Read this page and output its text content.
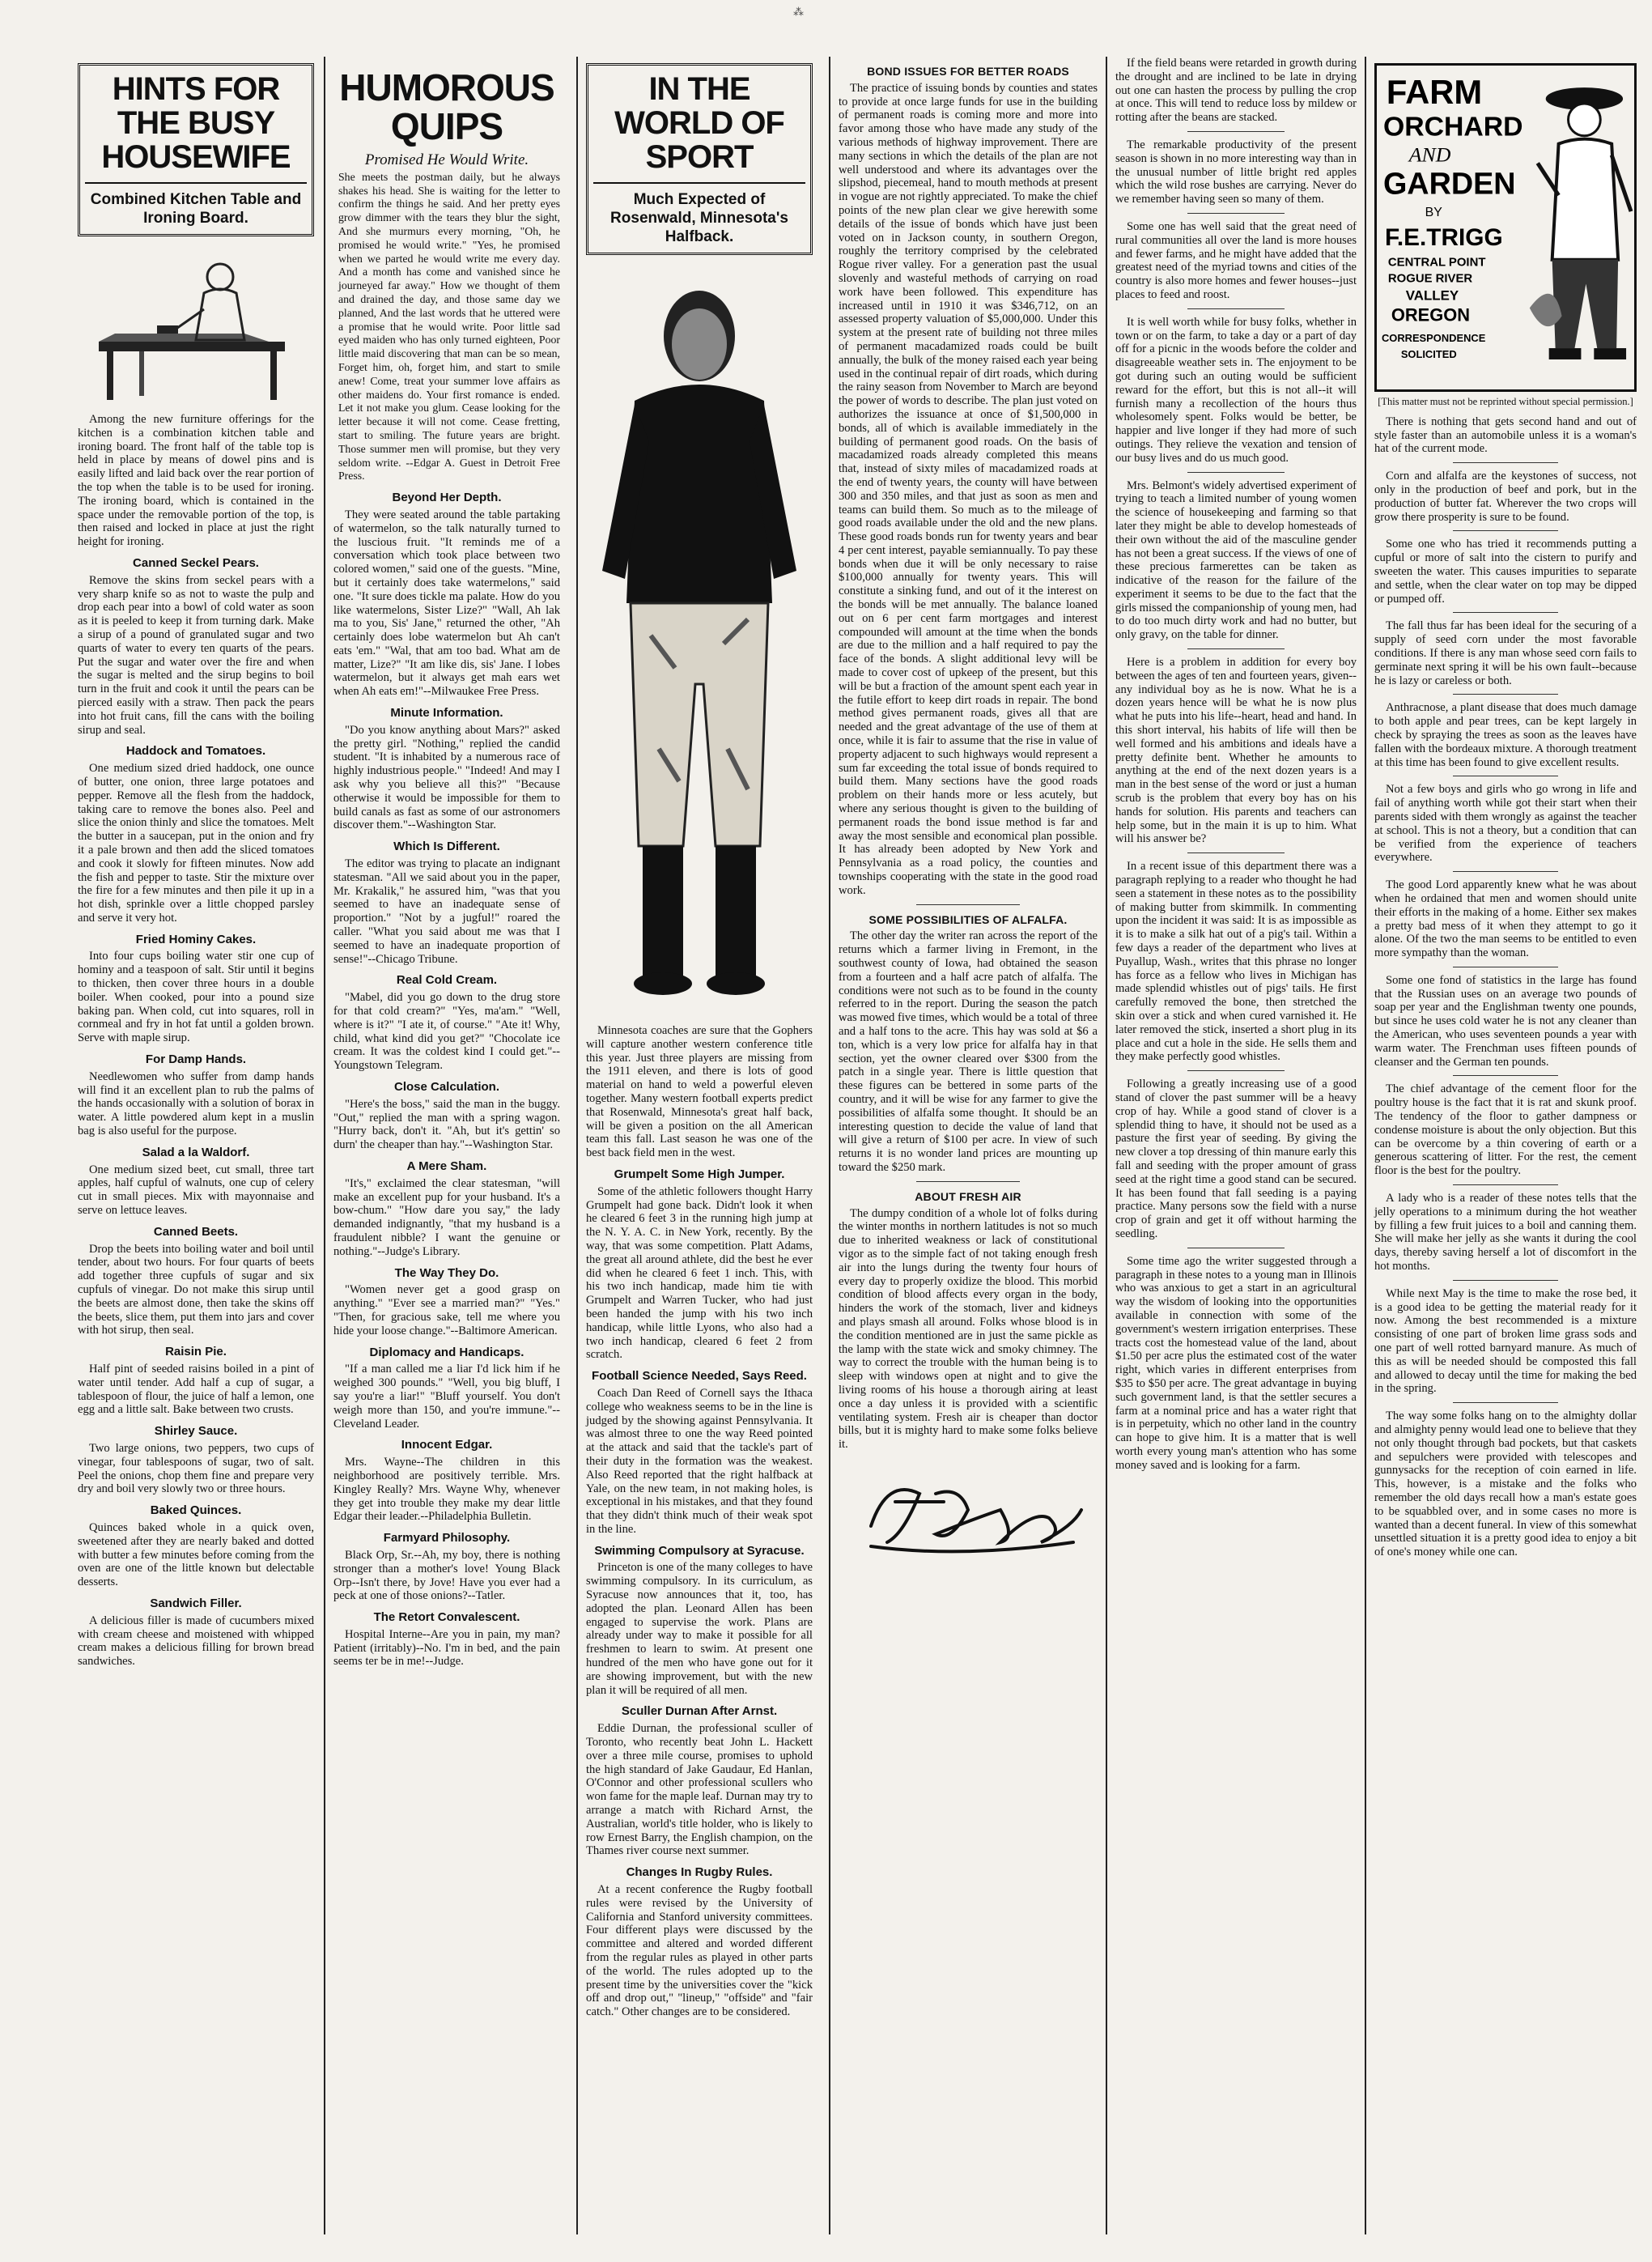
⁂
HINTS FOR THE BUSY HOUSEWIFE
Combined Kitchen Table and Ironing Board.

Among the new furniture offerings for the kitchen is a combination kitchen table and ironing board. The front half of the table top is held in place by means of dowel pins and is easily lifted and laid back over the rear portion of the top when the table is to be used for ironing. The ironing board, which is contained in the space under the removable portion of the top, is then raised and locked in place at just the right height for ironing.

Canned Seckel Pears.

Remove the skins from seckel pears with a very sharp knife so as not to waste the pulp and drop each pear into a bowl of cold water as soon as it is peeled to keep it from turning dark. Make a sirup of a pound of granulated sugar and two quarts of water to every ten quarts of the pears. Put the sugar and water over the fire and when the sugar is melted and the sirup begins to boil turn in the fruit and cook it until the pears can be pierced easily with a straw. Then pack the pears into hot fruit cans, fill the cans with the boiling sirup and seal.

Haddock and Tomatoes.

One medium sized dried haddock, one ounce of butter, one onion, three large potatoes and pepper. Remove all the flesh from the haddock, taking care to remove the bones also. Peel and slice the onion thinly and slice the tomatoes. Melt the butter in a saucepan, put in the onion and fry it a pale brown and then add the sliced tomatoes and cook it slowly for fifteen minutes. Now add the fish and pepper to taste. Stir the mixture over the fire for a few minutes and then pile it up in a hot dish, sprinkle over a little chopped parsley and serve it very hot.

Fried Hominy Cakes.

Into four cups boiling water stir one cup of hominy and a teaspoon of salt. Stir until it begins to thicken, then cover three hours in a double boiler. When cooked, pour into a pound size baking pan. When cold, cut into squares, roll in cornmeal and fry in hot fat until a golden brown. Serve with maple sirup.

For Damp Hands.

Needlewomen who suffer from damp hands will find it an excellent plan to rub the palms of the hands occasionally with a solution of borax in water. A little powdered alum kept in a muslin bag is also useful for the purpose.

Salad a la Waldorf.

One medium sized beet, cut small, three tart apples, half cupful of walnuts, one cup of celery cut in small pieces. Mix with mayonnaise and serve on lettuce leaves.

Canned Beets.

Drop the beets into boiling water and boil until tender, about two hours. For four quarts of beets add together three cupfuls of sugar and six cupfuls of vinegar. Do not make this sirup until the beets are almost done, then take the skins off the beets, slice them, put them into jars and cover with hot sirup, then seal.

Raisin Pie.

Half pint of seeded raisins boiled in a pint of water until tender. Add half a cup of sugar, a tablespoon of flour, the juice of half a lemon, one egg and a little salt. Bake between two crusts.

Shirley Sauce.

Two large onions, two peppers, two cups of vinegar, four tablespoons of sugar, two of salt. Peel the onions, chop them fine and prepare very dry and boil very slowly two or three hours.

Baked Quinces.

Quinces baked whole in a quick oven, sweetened after they are nearly baked and dotted with butter a few minutes before coming from the oven are one of the little known but delectable desserts.

Sandwich Filler.

A delicious filler is made of cucumbers mixed with cream cheese and moistened with whipped cream makes a delicious filling for brown bread sandwiches.

HUMOROUS QUIPS
Promised He Would Write.

She meets the postman daily, but he always shakes his head. She is waiting for the letter to confirm the things he said. And her pretty eyes grow dimmer with the tears they blur the sight, And she murmurs every morning, "Oh, he promised he would write." "Yes, he promised when we parted he would write me every day. And a month has come and vanished since he journeyed far away." How we thought of them and drained the day, and those same day we planned, And the last words that he uttered were a promise that he would write. Poor little sad eyed maiden who has only turned eighteen, Poor little maid discovering that man can be so mean, Forget him, oh, forget him, and start to smile anew! Come, treat your summer love affairs as other maidens do. Your first romance is ended. Let it not make you glum. Cease looking for the letter because it will not come. Cease fretting, start to smiling. The future years are bright. Those summer men will promise, but they very seldom write. --Edgar A. Guest in Detroit Free Press.

Beyond Her Depth.

They were seated around the table partaking of watermelon, so the talk naturally turned to the luscious fruit. "It reminds me of a conversation which took place between two colored women," said one of the guests. "Mine, but it certainly does take watermelons," said one. "It sure does tickle ma palate. How do you like watermelons, Sister Lize?" "Wall, Ah lak ma to you, Sis' Jane," returned the other, "Ah certainly does lobe watermelon but Ah can't eats 'em." "Wal, that am too bad. What am de matter, Lize?" "It am like dis, sis' Jane. I lobes watermelon, but it always get mah ears wet when Ah eats em!"--Milwaukee Free Press.

Minute Information.

"Do you know anything about Mars?" asked the pretty girl. "Nothing," replied the candid student. "It is inhabited by a numerous race of highly industrious people." "Indeed! And may I ask why you believe all this?" "Because otherwise it would be impossible for them to build canals as fast as some of our astronomers discover them."--Washington Star.

Which Is Different.

The editor was trying to placate an indignant statesman. "All we said about you in the paper, Mr. Krakalik," he assured him, "was that you seemed to have an inadequate sense of proportion." "Not by a jugful!" roared the caller. "What you said about me was that I seemed to have an inadequate proportion of sense!"--Chicago Tribune.

Real Cold Cream.

"Mabel, did you go down to the drug store for that cold cream?" "Yes, ma'am." "Well, where is it?" "I ate it, of course." "Ate it! Why, child, what kind did you get?" "Chocolate ice cream. It was the coldest kind I could get."--Youngstown Telegram.

Close Calculation.

"Here's the boss," said the man in the buggy. "Out," replied the man with a spring wagon. "Hurry back, don't it. "Ah, but it's gettin' so durn' the cheaper than hay."--Washington Star.

A Mere Sham.

"It's," exclaimed the clear statesman, "will make an excellent pup for your husband. It's a bow-chum." "How dare you say," the lady demanded indignantly, "that my husband is a fraudulent nibble? I want the genuine or nothing."--Judge's Library.

The Way They Do.

"Women never get a good grasp on anything." "Ever see a married man?" "Yes." "Then, for gracious sake, tell me where you hide your loose change."--Baltimore American.

Diplomacy and Handicaps.

"If a man called me a liar I'd lick him if he weighed 300 pounds." "Well, you big bluff, I say you're a liar!" "Bluff yourself. You don't weigh more than 150, and you're immune."--Cleveland Leader.

Innocent Edgar.

Mrs. Wayne--The children in this neighborhood are positively terrible. Mrs. Kingley Really? Mrs. Wayne Why, whenever they get into trouble they make my dear little Edgar their leader.--Philadelphia Bulletin.

Farmyard Philosophy.

Black Orp, Sr.--Ah, my boy, there is nothing stronger than a mother's love! Young Black Orp--Isn't there, by Jove! Have you ever had a peck at one of those onions?--Tatler.

The Retort Convalescent.

Hospital Interne--Are you in pain, my man? Patient (irritably)--No. I'm in bed, and the pain seems ter be in me!--Judge.

IN THE WORLD OF SPORT
Much Expected of Rosenwald, Minnesota's Halfback.

Minnesota coaches are sure that the Gophers will capture another western conference title this year. Just three players are missing from the 1911 eleven, and there is lots of good material on hand to weld a powerful eleven together. Many western football experts predict that Rosenwald, Minnesota's great half back, will be given a position on the all American team this fall. Last season he was one of the best back field men in the west.

Grumpelt Some High Jumper.

Some of the athletic followers thought Harry Grumpelt had gone back. Didn't look it when he cleared 6 feet 3 in the running high jump at the N. Y. A. C. in New York, recently. By the way, that was some competition. Platt Adams, the great all around athlete, did the best he ever did when he cleared 6 feet 1 inch. This, with his two inch handicap, made him tie with Grumpelt and Warren Tucker, who had just been handed the jump with his two inch handicap, while little Lyons, who also had a two inch handicap, cleared 6 feet 2 from scratch.

Football Science Needed, Says Reed.

Coach Dan Reed of Cornell says the Ithaca college who weakness seems to be in the line is judged by the showing against Pennsylvania. It was almost three to one the way Reed pointed at the attack and said that the tackle's part of their duty in the formation was the weakest. Also Reed reported that the right halfback at Yale, on the new team, in not making holes, is exceptional in his mistakes, and that they found that they didn't think much of their weak spot in the line.

Swimming Compulsory at Syracuse.

Princeton is one of the many colleges to have swimming compulsory. In its curriculum, as Syracuse now announces that it, too, has adopted the plan. Leonard Allen has been engaged to supervise the work. Plans are already under way to make it possible for all freshmen to learn to swim. At present one hundred of the men who have gone out for it are showing improvement, but with the new plan it will be required of all men.

Sculler Durnan After Arnst.

Eddie Durnan, the professional sculler of Toronto, who recently beat John L. Hackett over a three mile course, promises to uphold the high standard of Jake Gaudaur, Ed Hanlan, O'Connor and other professional scullers who won fame for the maple leaf. Durnan may try to arrange a match with Richard Arnst, the Australian, world's title holder, who is likely to row Ernest Barry, the English champion, on the Thames river course next summer.

Changes In Rugby Rules.

At a recent conference the Rugby football rules were revised by the University of California and Stanford university committees. Four different plays were discussed by the committee and altered and worded different from the regular rules as played in other parts of the world. The rules adopted up to the present time by the universities cover the "kick off and drop out," "lineup," "offside" and "fair catch." Other changes are to be considered.

BOND ISSUES FOR BETTER ROADS

The practice of issuing bonds by counties and states to provide at once large funds for use in the building of permanent roads is coming more and more into favor among those who have made any study of the various methods of highway improvement. There are many sections in which the details of the plan are not well understood and where its advantages over the slipshod, piecemeal, hand to mouth methods at present in vogue are not rightly appreciated. To make the chief points of the new plan clear we give herewith some details of the issue of bonds which have just been voted on in Jackson county, in southern Oregon, roughly the territory comprised by the celebrated Rogue river valley. For a generation past the usual slovenly and wasteful methods of carrying on road work have been followed. This expenditure has increased until in 1910 it was $346,712, on an assessed property valuation of $5,000,000. Under this system at the present rate of building not three miles of permanent macadamized roads could be built annually, the bulk of the money raised each year being used in the continual repair of dirt roads, which during the rainy season from November to March are beyond the power of words to describe. The plan just voted on authorizes the issuance at once of $1,500,000 in bonds, all of which is available immediately in the building of permanent good roads. On the basis of macadamized roads already completed this means that, instead of sixty miles of macadamized roads at the end of twenty years, the county will have between 300 and 350 miles, and that just as soon as men and teams can build them. So much as to the mileage of good roads available under the old and the new plans. These good roads bonds run for twenty years and bear 4 per cent interest, payable semiannually. To pay these bonds when due it will be only necessary to raise $100,000 annually for twenty years. This will constitute a sinking fund, and out of it the interest on the bonds will be met annually. The balance loaned out on 6 per cent farm mortgages and interest compounded will amount at the time when the bonds are due to the million and a half required to pay the face of the bonds. A slight additional levy will be made to cover cost of upkeep of the present, but this will be but a fraction of the amount spent each year in the futile effort to keep dirt roads in repair. The bond method gives permanent roads, gives all that are needed and the great advantage of the use of them at once, while it is fair to assume that the rise in value of property adjacent to such highways would represent a sum far exceeding the total issue of bonds required to build them. Many sections have the good roads problem on their hands more or less acutely, but where any serious thought is given to the building of permanent roads the bond issue method is far and away the most sensible and economical plan possible. It has already been adopted by New York and Pennsylvania as a road policy, the counties and townships cooperating with the state in the good road work.

SOME POSSIBILITIES OF ALFALFA.

The other day the writer ran across the report of the returns which a farmer living in Fremont, in the southwest county of Iowa, had obtained the season from a fourteen and a half acre patch of alfalfa. The conditions were not such as to be found in the county referred to in the report. During the season the patch was mowed five times, which would be a total of three and a half tons to the acre. This hay was sold at $6 a ton, which is a very low price for alfalfa hay in that section, yet the owner cleared over $300 from the patch in a single year. There is little question that these figures can be bettered in some parts of the country, and it will be wise for any farmer to give the possibilities of alfalfa some thought. It should be an interesting question to decide the value of land that will give a return of $100 per acre. In view of such returns it is no wonder land prices are mounting up toward the $250 mark.

ABOUT FRESH AIR

The dumpy condition of a whole lot of folks during the winter months in northern latitudes is not so much due to inherited weakness or lack of constitutional vigor as to the simple fact of not taking enough fresh air into the lungs during the twenty four hours of every day to properly oxidize the blood. This morbid condition of blood affects every organ in the body, hinders the work of the stomach, liver and kidneys and plays smash all around. Folks whose blood is in the condition mentioned are in just the same pickle as the lamp with the state wick and smoky chimney. The way to correct the trouble with the human being is to sleep with windows open at night and to give the living rooms of his house a thorough airing at least once a day unless it is provided with a scientific ventilating system. Fresh air is cheaper than doctor bills, but it is mighty hard to make some folks believe it.

If the field beans were retarded in growth during the drought and are inclined to be late in drying out one can hasten the process by pulling the crop at once. This will tend to reduce loss by mildew or rotting after the beans are stacked.

The remarkable productivity of the present season is shown in no more interesting way than in the unusual number of little bright red apples which the wild rose bushes are carrying. Never do we remember having seen so many of them.

Some one has well said that the great need of rural communities all over the land is more houses and fewer farms, and he might have added that the greatest need of the myriad towns and cities of the country is also more homes and fewer houses--just places to feed and roost.

It is well worth while for busy folks, whether in town or on the farm, to take a day or a part of day off for a picnic in the woods before the colder and disagreeable weather sets in. The enjoyment to be got during such an outing would be sufficient reward for the effort, but this is not all--it will furnish many a recollection of the hours thus wholesomely spent. Folks would be better, be happier and live longer if they had more of such outings. They relieve the vexation and tension of our busy lives and do us much good.

Mrs. Belmont's widely advertised experiment of trying to teach a limited number of young women the science of housekeeping and farming so that later they might be able to develop homesteads of their own without the aid of the masculine gender has not been a great success. If the views of one of these precious farmerettes can be taken as indicative of the reason for the failure of the experiment it seems to be due to the fact that the girls missed the companionship of young men, had to do too much dirty work and had no butter, but only gravy, on the table for dinner.

Here is a problem in addition for every boy between the ages of ten and fourteen years, given--any individual boy as he is now. What he is a dozen years hence will be what he is now plus what he puts into his life--heart, head and hand. In this short interval, his habits of life will then be well formed and his ambitions and ideals have a pretty definite bent. Whether he amounts to anything at the end of the next dozen years is a man in the best sense of the word or just a human scrub is the problem that every boy has on his hands for solution. His parents and teachers can help some, but in the main it is up to him. What will his answer be?

In a recent issue of this department there was a paragraph replying to a reader who thought he had seen a statement in these notes as to the possibility of making butter from skimmilk. In commenting upon the incident it was said: It is as impossible as it is to make a silk hat out of a pig's tail. Within a few days a reader of the department who lives at Puyallup, Wash., writes that this phrase no longer has force as a fellow who lives in Michigan has made splendid whistles out of pigs' tails. He first carefully removed the bone, then stretched the skin over a stick and when cured varnished it. He later removed the stick, inserted a short plug in its place and cut a hole in the side. He sells them and they make perfectly good whistles.

Following a greatly increasing use of a good stand of clover the past summer will be a heavy crop of hay. While a good stand of clover is a splendid thing to have, it should not be used as a pasture the first year of seeding. By giving the new clover a top dressing of thin manure early this fall and seeding with the proper amount of grass seed at the right time a good stand can be secured. It has been found that fall seeding is a paying practice. Many persons sow the field with a nurse crop of grain and get it off without harming the seedling.

Some time ago the writer suggested through a paragraph in these notes to a young man in Illinois who was anxious to get a start in an agricultural way the wisdom of looking into the opportunities available in connection with some of the government's western irrigation enterprises. These tracts cost the homestead value of the land, about $1.50 per acre plus the estimated cost of the water right, which varies in different enterprises from $35 to $50 per acre. The great advantage in buying such government land, is that the settler secures a farm at a nominal price and has a water right that is in perpetuity, which no other land in the country can hope to give him. It is a matter that is well worth every young man's attention who has some money saved and is looking for a farm.

FARM
ORCHARD
AND
GARDEN
BY
F.E.TRIGG
CENTRAL POINT
ROGUE RIVER
VALLEY
OREGON
CORRESPONDENCE
SOLICITED
[This matter must not be reprinted without special permission.]

There is nothing that gets second hand and out of style faster than an automobile unless it is a woman's hat of the current mode.

Corn and alfalfa are the keystones of success, not only in the production of beef and pork, but in the production of butter fat. Wherever the two crops will grow there prosperity is sure to be found.

Some one who has tried it recommends putting a cupful or more of salt into the cistern to purify and sweeten the water. This causes impurities to separate and settle, when the clear water on top may be dipped or pumped off.

The fall thus far has been ideal for the securing of a supply of seed corn under the most favorable conditions. If there is any man whose seed corn fails to germinate next spring it will be his own fault--because he is lazy or careless or both.

Anthracnose, a plant disease that does much damage to both apple and pear trees, can be kept largely in check by spraying the trees as soon as the leaves have fallen with the bordeaux mixture. A thorough treatment at this time has been found to give excellent results.

Not a few boys and girls who go wrong in life and fail of anything worth while got their start when their parents sided with them wrongly as against the teacher at school. This is not a theory, but a condition that can be verified from the experience of teachers everywhere.

The good Lord apparently knew what he was about when he ordained that men and women should unite their efforts in the making of a home. Either sex makes a pretty bad mess of it when they attempt to go it alone. Of the two the man seems to be entitled to even more sympathy than the woman.

Some one fond of statistics in the large has found that the Russian uses on an average two pounds of soap per year and the Englishman twenty one pounds, but since he uses cold water he is not any cleaner than the American, who uses seventeen pounds a year with warm water. The Frenchman uses fifteen pounds of cleanser and the German ten pounds.

The chief advantage of the cement floor for the poultry house is the fact that it is rat and skunk proof. The tendency of the floor to gather dampness or condense moisture is about the only objection. But this can be overcome by a thin covering of earth or a generous scattering of litter. For the rest, the cement floor is the best for the poultry.

A lady who is a reader of these notes tells that the jelly operations to a minimum during the hot weather by filling a few fruit juices to a boil and canning them. She will make her jelly as she wants it during the cool days, thereby saving herself a lot of discomfort in the hot months.

While next May is the time to make the rose bed, it is a good idea to be getting the material ready for it now. Among the best recommended is a mixture consisting of one part of broken lime grass sods and one part of well rotted barnyard manure. As much of this as will be needed should be composted this fall and allowed to decay until the time for making the bed in the spring.

The way some folks hang on to the almighty dollar and almighty penny would lead one to believe that they not only thought through bad pockets, but that caskets and sepulchers were provided with telescopes and gunnysacks for the reception of coin earned in life. This, however, is a mistake and the folks who remember the old days recall how a man's estate goes to be squabbled over, and in some cases no more is wanted than a decent funeral. In view of this somewhat unsettled situation it is a pretty good idea to enjoy a bit of one's money while one can.
